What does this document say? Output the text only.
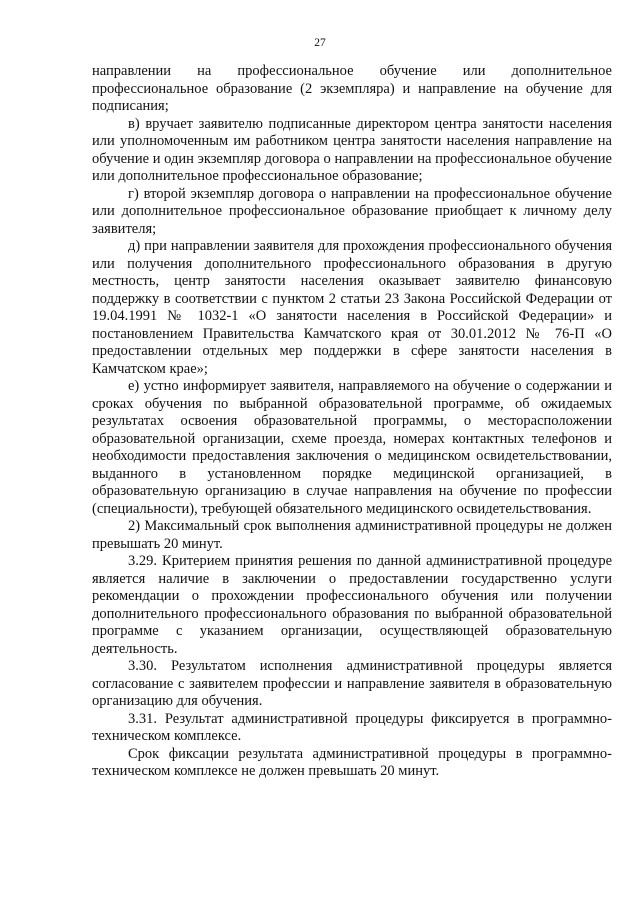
27

направлении на профессиональное обучение или дополнительное профессиональное образование (2 экземпляра) и направление на обучение для подписания;

в) вручает заявителю подписанные директором центра занятости населения или уполномоченным им работником центра занятости населения направление на обучение и один экземпляр договора о направлении на профессиональное обучение или дополнительное профессиональное образование;

г) второй экземпляр договора о направлении на профессиональное обучение или дополнительное профессиональное образование приобщает к личному делу заявителя;

д) при направлении заявителя для прохождения профессионального обучения или получения дополнительного профессионального образования в другую местность, центр занятости населения оказывает заявителю финансовую поддержку в соответствии с пунктом 2 статьи 23 Закона Российской Федерации от 19.04.1991 № 1032-1 «О занятости населения в Российской Федерации» и постановлением Правительства Камчатского края от 30.01.2012 № 76-П «О предоставлении отдельных мер поддержки в сфере занятости населения в Камчатском крае»;

е) устно информирует заявителя, направляемого на обучение о содержании и сроках обучения по выбранной образовательной программе, об ожидаемых результатах освоения образовательной программы, о месторасположении образовательной организации, схеме проезда, номерах контактных телефонов и необходимости предоставления заключения о медицинском освидетельствовании, выданного в установленном порядке медицинской организацией, в образовательную организацию в случае направления на обучение по профессии (специальности), требующей обязательного медицинского освидетельствования.

2) Максимальный срок выполнения административной процедуры не должен превышать 20 минут.

3.29. Критерием принятия решения по данной административной процедуре является наличие в заключении о предоставлении государственно услуги рекомендации о прохождении профессионального обучения или получении дополнительного профессионального образования по выбранной образовательной программе с указанием организации, осуществляющей образовательную деятельность.

3.30. Результатом исполнения административной процедуры является согласование с заявителем профессии и направление заявителя в образовательную организацию для обучения.

3.31. Результат административной процедуры фиксируется в программно-техническом комплексе.

Срок фиксации результата административной процедуры в программно-техническом комплексе не должен превышать 20 минут.
